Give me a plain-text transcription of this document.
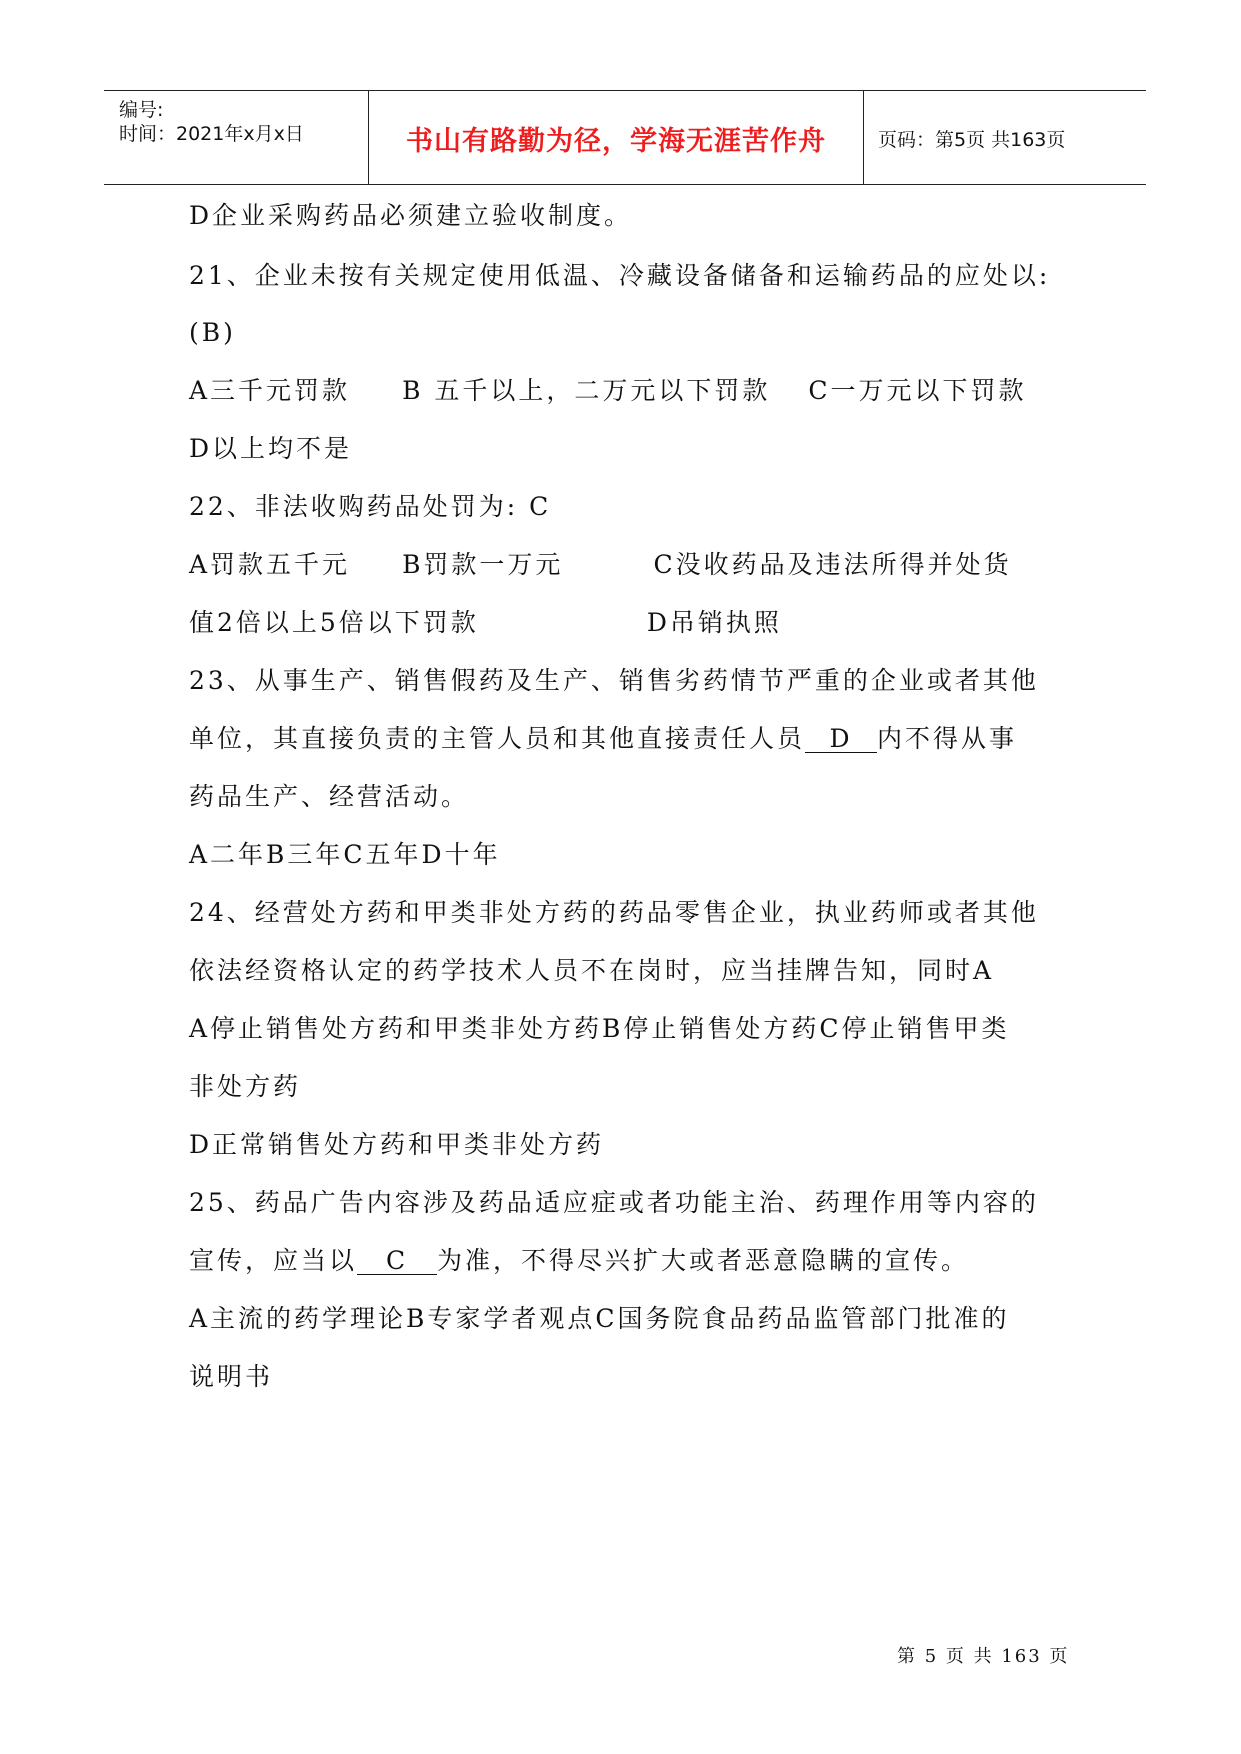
编号:
时间：2021年x月x日	书山有路勤为径，学海无涯苦作舟	页码：第5页 共163页
D企业采购药品必须建立验收制度。
21、企业未按有关规定使用低温、冷藏设备储备和运输药品的应处以:
(B)
A三千元罚款 B 五千以上，二万元以下罚款 C一万元以下罚款
D以上均不是
22、非法收购药品处罚为: C
A罚款五千元 B罚款一万元	C没收药品及违法所得并处货
值2倍以上5倍以下罚款	D吊销执照
23、从事生产、销售假药及生产、销售劣药情节严重的企业或者其他
单位，其直接负责的主管人员和其他直接责任人员 D 内不得从事
药品生产、经营活动。
A二年B三年C五年D十年
24、经营处方药和甲类非处方药的药品零售企业，执业药师或者其他
依法经资格认定的药学技术人员不在岗时，应当挂牌告知，同时A
A停止销售处方药和甲类非处方药B停止销售处方药C停止销售甲类
非处方药
D正常销售处方药和甲类非处方药
25、药品广告内容涉及药品适应症或者功能主治、药理作用等内容的
宣传，应当以 C 为准，不得尽兴扩大或者恶意隐瞒的宣传。
A主流的药学理论B专家学者观点C国务院食品药品监管部门批准的
说明书
第 5 页 共 163 页
